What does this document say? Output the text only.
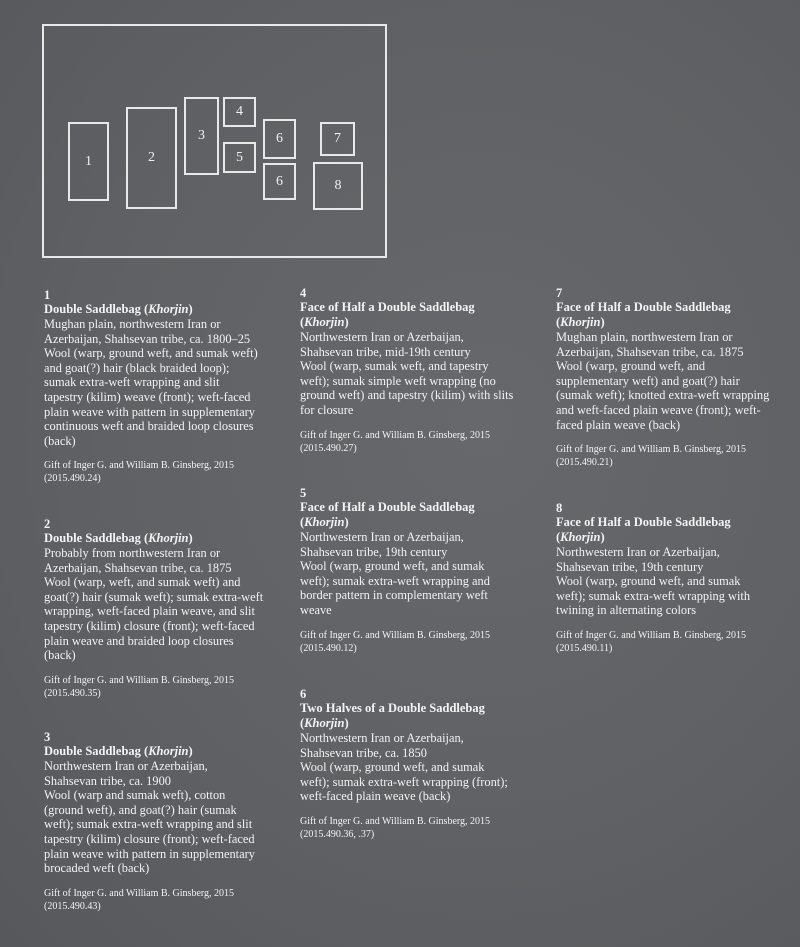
1	2
3
4
5
6
6
7
8
1
Double Saddlebag (Khorjin)
Mughan plain, northwestern Iran or
Azerbaijan, Shahsevan tribe, ca. 1800–25
Wool (warp, ground weft, and sumak weft)
and goat(?) hair (black braided loop);
sumak extra-weft wrapping and slit
tapestry (kilim) weave (front); weft-faced
plain weave with pattern in supplementary
continuous weft and braided loop closures
(back)
Gift of Inger G. and William B. Ginsberg, 2015
(2015.490.24)
2
Double Saddlebag (Khorjin)
Probably from northwestern Iran or
Azerbaijan, Shahsevan tribe, ca. 1875
Wool (warp, weft, and sumak weft) and
goat(?) hair (sumak weft); sumak extra-weft
wrapping, weft-faced plain weave, and slit
tapestry (kilim) closure (front); weft-faced
plain weave and braided loop closures
(back)
Gift of Inger G. and William B. Ginsberg, 2015
(2015.490.35)
3
Double Saddlebag (Khorjin)
Northwestern Iran or Azerbaijan,
Shahsevan tribe, ca. 1900
Wool (warp and sumak weft), cotton
(ground weft), and goat(?) hair (sumak
weft); sumak extra-weft wrapping and slit
tapestry (kilim) closure (front); weft-faced
plain weave with pattern in supplementary
brocaded weft (back)
Gift of Inger G. and William B. Ginsberg, 2015
(2015.490.43)
4
Face of Half a Double Saddlebag
(Khorjin)
Northwestern Iran or Azerbaijan,
Shahsevan tribe, mid-19th century
Wool (warp, sumak weft, and tapestry
weft); sumak simple weft wrapping (no
ground weft) and tapestry (kilim) with slits
for closure
Gift of Inger G. and William B. Ginsberg, 2015
(2015.490.27)
5
Face of Half a Double Saddlebag
(Khorjin)
Northwestern Iran or Azerbaijan,
Shahsevan tribe, 19th century
Wool (warp, ground weft, and sumak
weft); sumak extra-weft wrapping and
border pattern in complementary weft
weave
Gift of Inger G. and William B. Ginsberg, 2015
(2015.490.12)
6
Two Halves of a Double Saddlebag
(Khorjin)
Northwestern Iran or Azerbaijan,
Shahsevan tribe, ca. 1850
Wool (warp, ground weft, and sumak
weft); sumak extra-weft wrapping (front);
weft-faced plain weave (back)
Gift of Inger G. and William B. Ginsberg, 2015
(2015.490.36, .37)
7
Face of Half a Double Saddlebag
(Khorjin)
Mughan plain, northwestern Iran or
Azerbaijan, Shahsevan tribe, ca. 1875
Wool (warp, ground weft, and
supplementary weft) and goat(?) hair
(sumak weft); knotted extra-weft wrapping
and weft-faced plain weave (front); weft-
faced plain weave (back)
Gift of Inger G. and William B. Ginsberg, 2015
(2015.490.21)
8
Face of Half a Double Saddlebag
(Khorjin)
Northwestern Iran or Azerbaijan,
Shahsevan tribe, 19th century
Wool (warp, ground weft, and sumak
weft); sumak extra-weft wrapping with
twining in alternating colors
Gift of Inger G. and William B. Ginsberg, 2015
(2015.490.11)
